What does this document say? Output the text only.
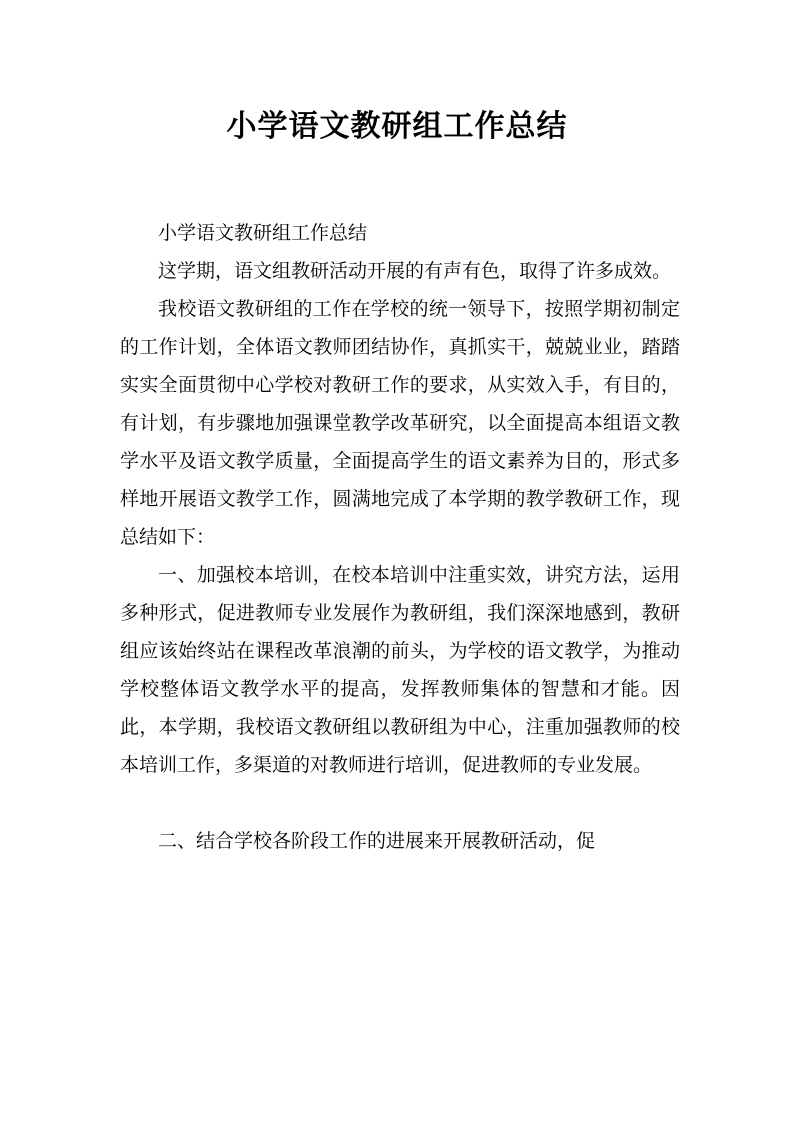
小学语文教研组工作总结

小学语文教研组工作总结

这学期，语文组教研活动开展的有声有色，取得了许多成效。

我校语文教研组的工作在学校的统一领导下，按照学期初制定的工作计划，全体语文教师团结协作，真抓实干，兢兢业业，踏踏实实全面贯彻中心学校对教研工作的要求，从实效入手，有目的，有计划，有步骤地加强课堂教学改革研究，以全面提高本组语文教学水平及语文教学质量，全面提高学生的语文素养为目的，形式多样地开展语文教学工作，圆满地完成了本学期的教学教研工作，现总结如下：

一、加强校本培训，在校本培训中注重实效，讲究方法，运用多种形式，促进教师专业发展作为教研组，我们深深地感到，教研组应该始终站在课程改革浪潮的前头，为学校的语文教学，为推动学校整体语文教学水平的提高，发挥教师集体的智慧和才能。因此，本学期，我校语文教研组以教研组为中心，注重加强教师的校本培训工作，多渠道的对教师进行培训，促进教师的专业发展。

二、结合学校各阶段工作的进展来开展教研活动，促
